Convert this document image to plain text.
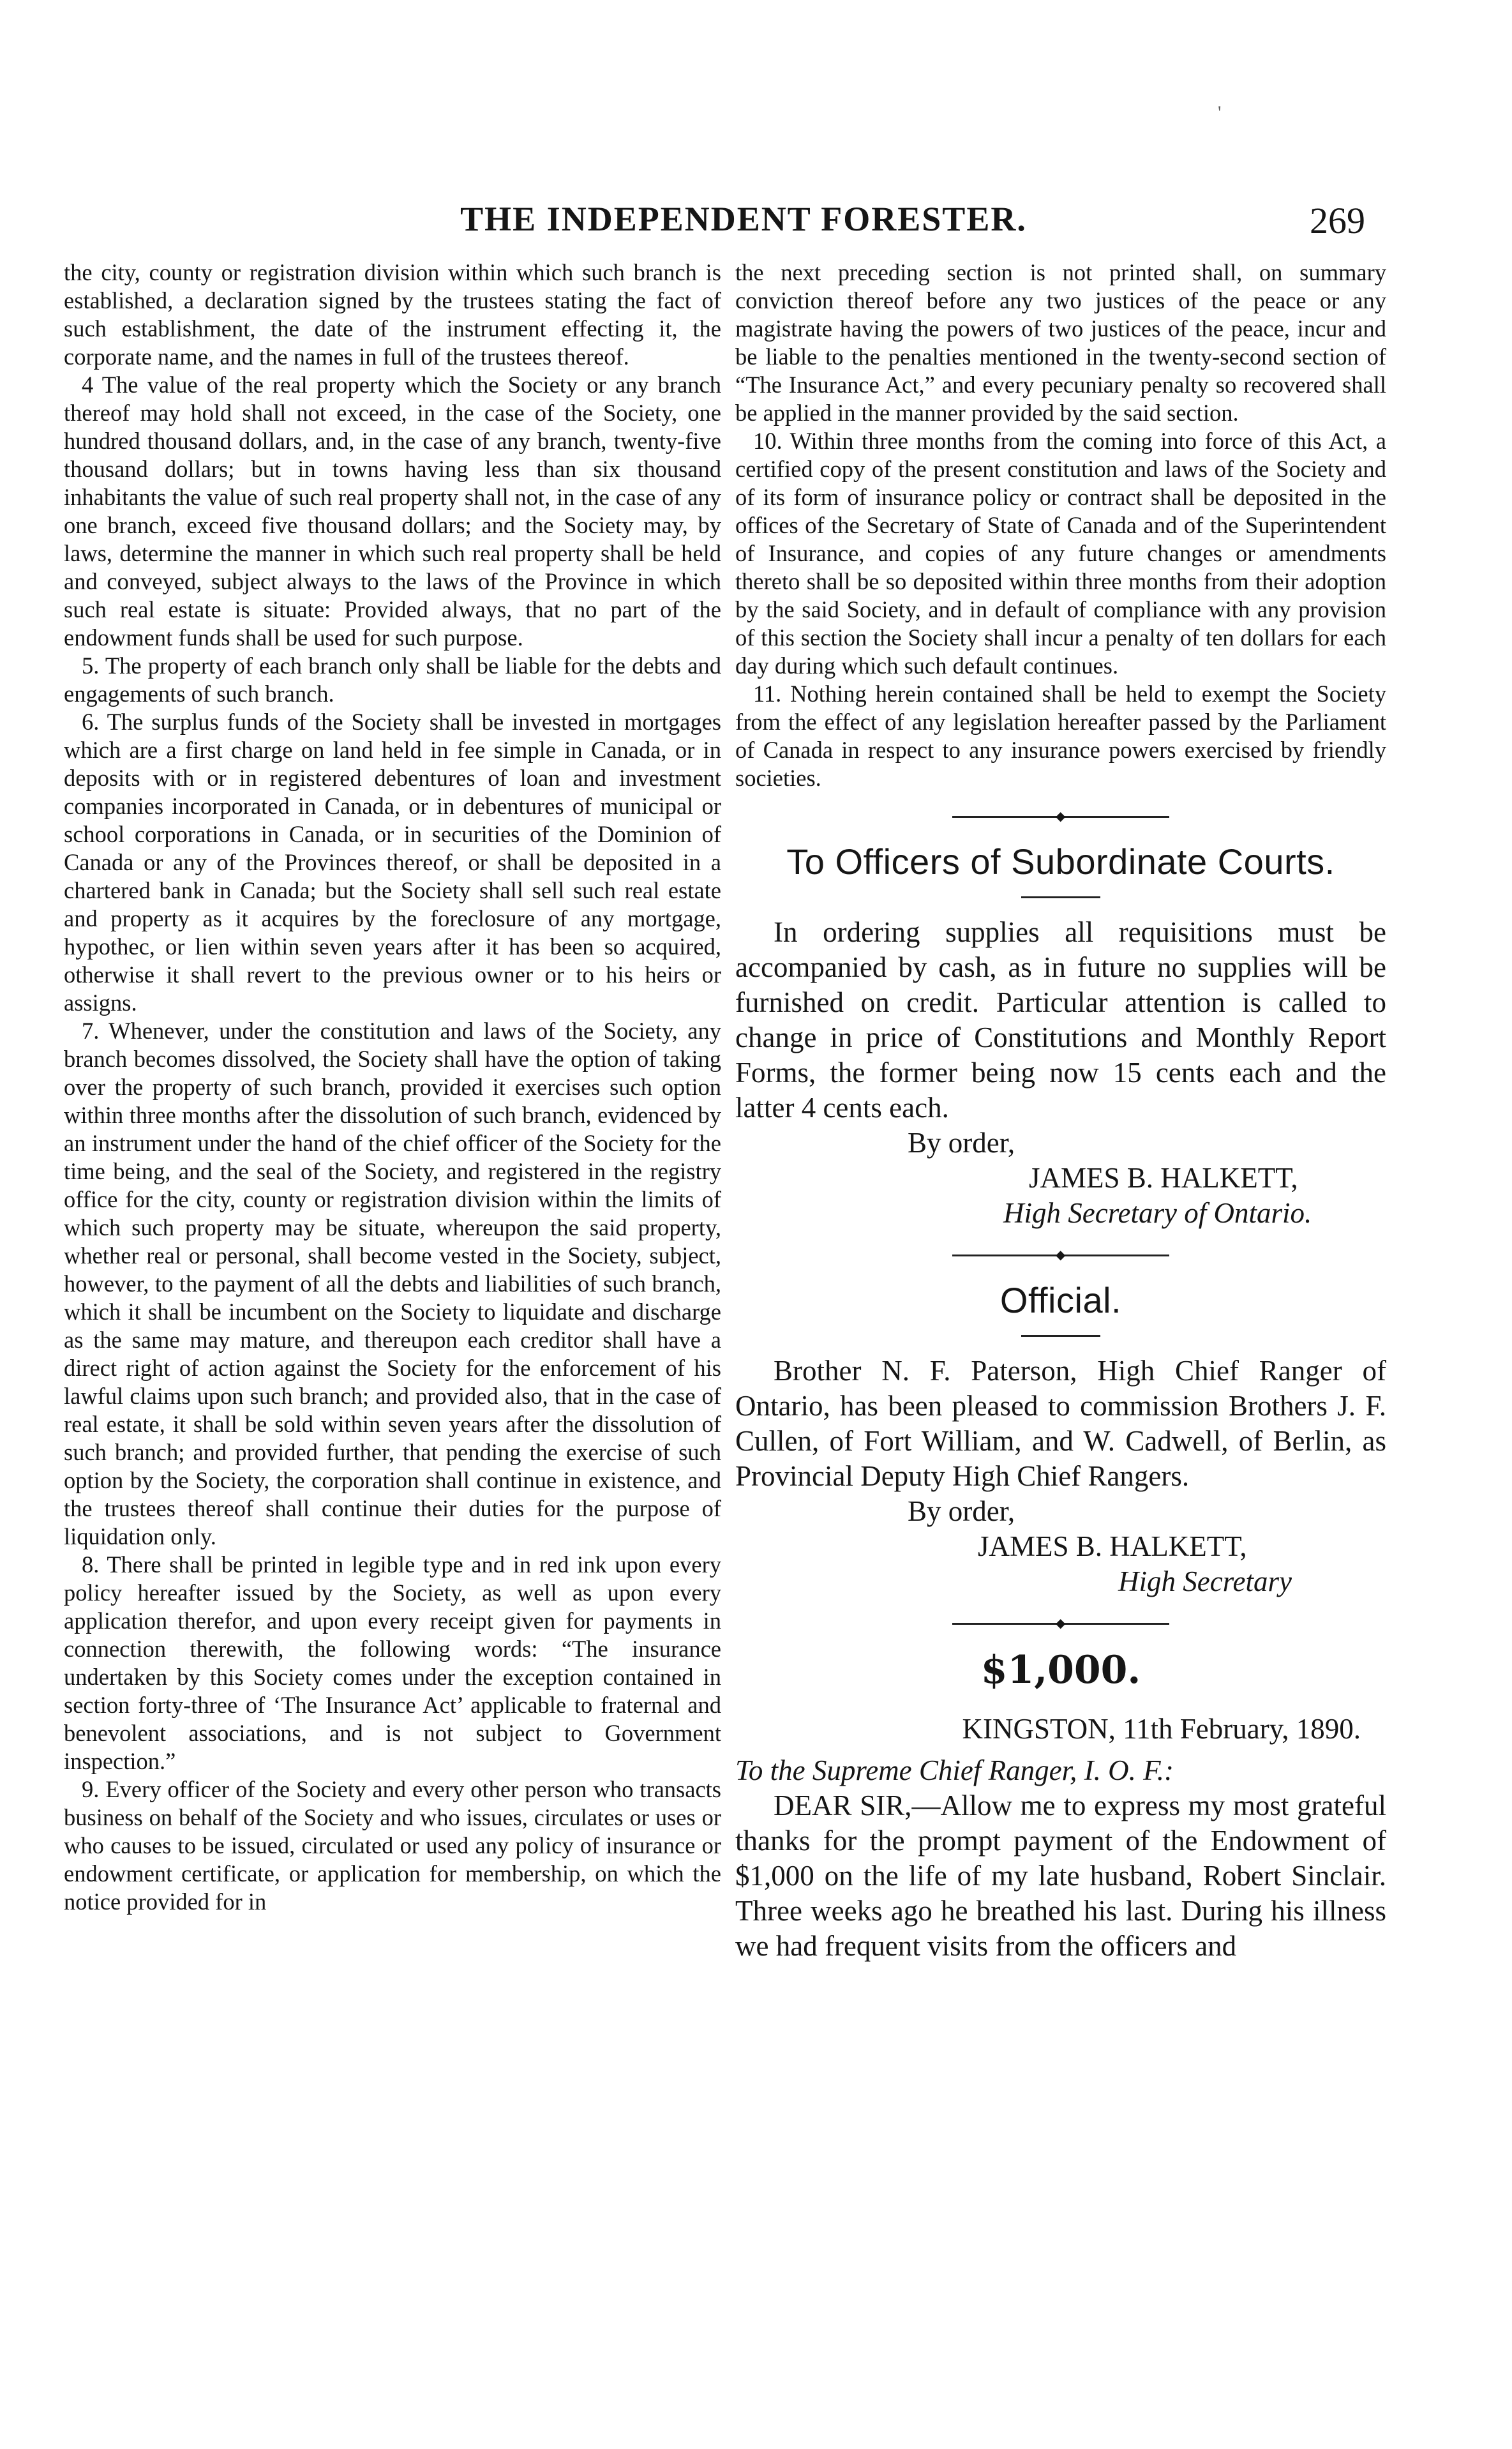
'
THE INDEPENDENT FORESTER.	269

the city, county or registration division within which such branch is established, a declaration signed by the trustees stating the fact of such establishment, the date of the instrument effecting it, the corporate name, and the names in full of the trustees thereof.

4 The value of the real property which the Society or any branch thereof may hold shall not exceed, in the case of the Society, one hundred thousand dollars, and, in the case of any branch, twenty-five thousand dollars; but in towns having less than six thousand inhabitants the value of such real property shall not, in the case of any one branch, exceed five thousand dollars; and the Society may, by laws, determine the manner in which such real property shall be held and conveyed, subject always to the laws of the Province in which such real estate is situate: Provided always, that no part of the endowment funds shall be used for such purpose.

5. The property of each branch only shall be liable for the debts and engagements of such branch.

6. The surplus funds of the Society shall be invested in mortgages which are a first charge on land held in fee simple in Canada, or in deposits with or in registered debentures of loan and investment companies incorporated in Canada, or in debentures of municipal or school corporations in Canada, or in securities of the Dominion of Canada or any of the Provinces thereof, or shall be deposited in a chartered bank in Canada; but the Society shall sell such real estate and property as it acquires by the foreclosure of any mortgage, hypothec, or lien within seven years after it has been so acquired, otherwise it shall revert to the previous owner or to his heirs or assigns.

7. Whenever, under the constitution and laws of the Society, any branch becomes dissolved, the Society shall have the option of taking over the property of such branch, provided it exercises such option within three months after the dissolution of such branch, evidenced by an instrument under the hand of the chief officer of the Society for the time being, and the seal of the Society, and registered in the registry office for the city, county or registration division within the limits of which such property may be situate, whereupon the said property, whether real or personal, shall become vested in the Society, subject, however, to the payment of all the debts and liabilities of such branch, which it shall be incumbent on the Society to liquidate and discharge as the same may mature, and thereupon each creditor shall have a direct right of action against the Society for the enforcement of his lawful claims upon such branch; and provided also, that in the case of real estate, it shall be sold within seven years after the dissolution of such branch; and provided further, that pending the exercise of such option by the Society, the corporation shall continue in existence, and the trustees thereof shall continue their duties for the purpose of liquidation only.

8. There shall be printed in legible type and in red ink upon every policy hereafter issued by the Society, as well as upon every application therefor, and upon every receipt given for payments in connection therewith, the following words: “The insurance undertaken by this Society comes under the exception contained in section forty-three of ‘The Insurance Act’ applicable to fraternal and benevolent associations, and is not subject to Government inspection.”

9. Every officer of the Society and every other person who transacts business on behalf of the Society and who issues, circulates or uses or who causes to be issued, circulated or used any policy of insurance or endowment certificate, or application for membership, on which the notice provided for in

the next preceding section is not printed shall, on summary conviction thereof before any two justices of the peace or any magistrate having the powers of two justices of the peace, incur and be liable to the penalties mentioned in the twenty-second section of “The Insurance Act,” and every pecuniary penalty so recovered shall be applied in the manner provided by the said section.

10. Within three months from the coming into force of this Act, a certified copy of the present constitution and laws of the Society and of its form of insurance policy or contract shall be deposited in the offices of the Secretary of State of Canada and of the Superintendent of Insurance, and copies of any future changes or amendments thereto shall be so deposited within three months from their adoption by the said Society, and in default of compliance with any provision of this section the Society shall incur a penalty of ten dollars for each day during which such default continues.

11. Nothing herein contained shall be held to exempt the Society from the effect of any legislation hereafter passed by the Parliament of Canada in respect to any insurance powers exercised by friendly societies.

◆
To Officers of Subordinate Courts.

In ordering supplies all requisitions must be accompanied by cash, as in future no supplies will be furnished on credit. Particular attention is called to change in price of Constitutions and Monthly Report Forms, the former being now 15 cents each and the latter 4 cents each.

By order,
JAMES B. HALKETT,
High Secretary of Ontario.
◆
Official.

Brother N. F. Paterson, High Chief Ranger of Ontario, has been pleased to commission Brothers J. F. Cullen, of Fort William, and W. Cadwell, of Berlin, as Provincial Deputy High Chief Rangers.

By order,
JAMES B. HALKETT,
High Secretary
◆
$1,000.
KINGSTON, 11th February, 1890.
To the Supreme Chief Ranger, I. O. F.:

DEAR SIR,—Allow me to express my most grateful thanks for the prompt payment of the Endowment of $1,000 on the life of my late husband, Robert Sinclair. Three weeks ago he breathed his last. During his illness we had frequent visits from the officers and
